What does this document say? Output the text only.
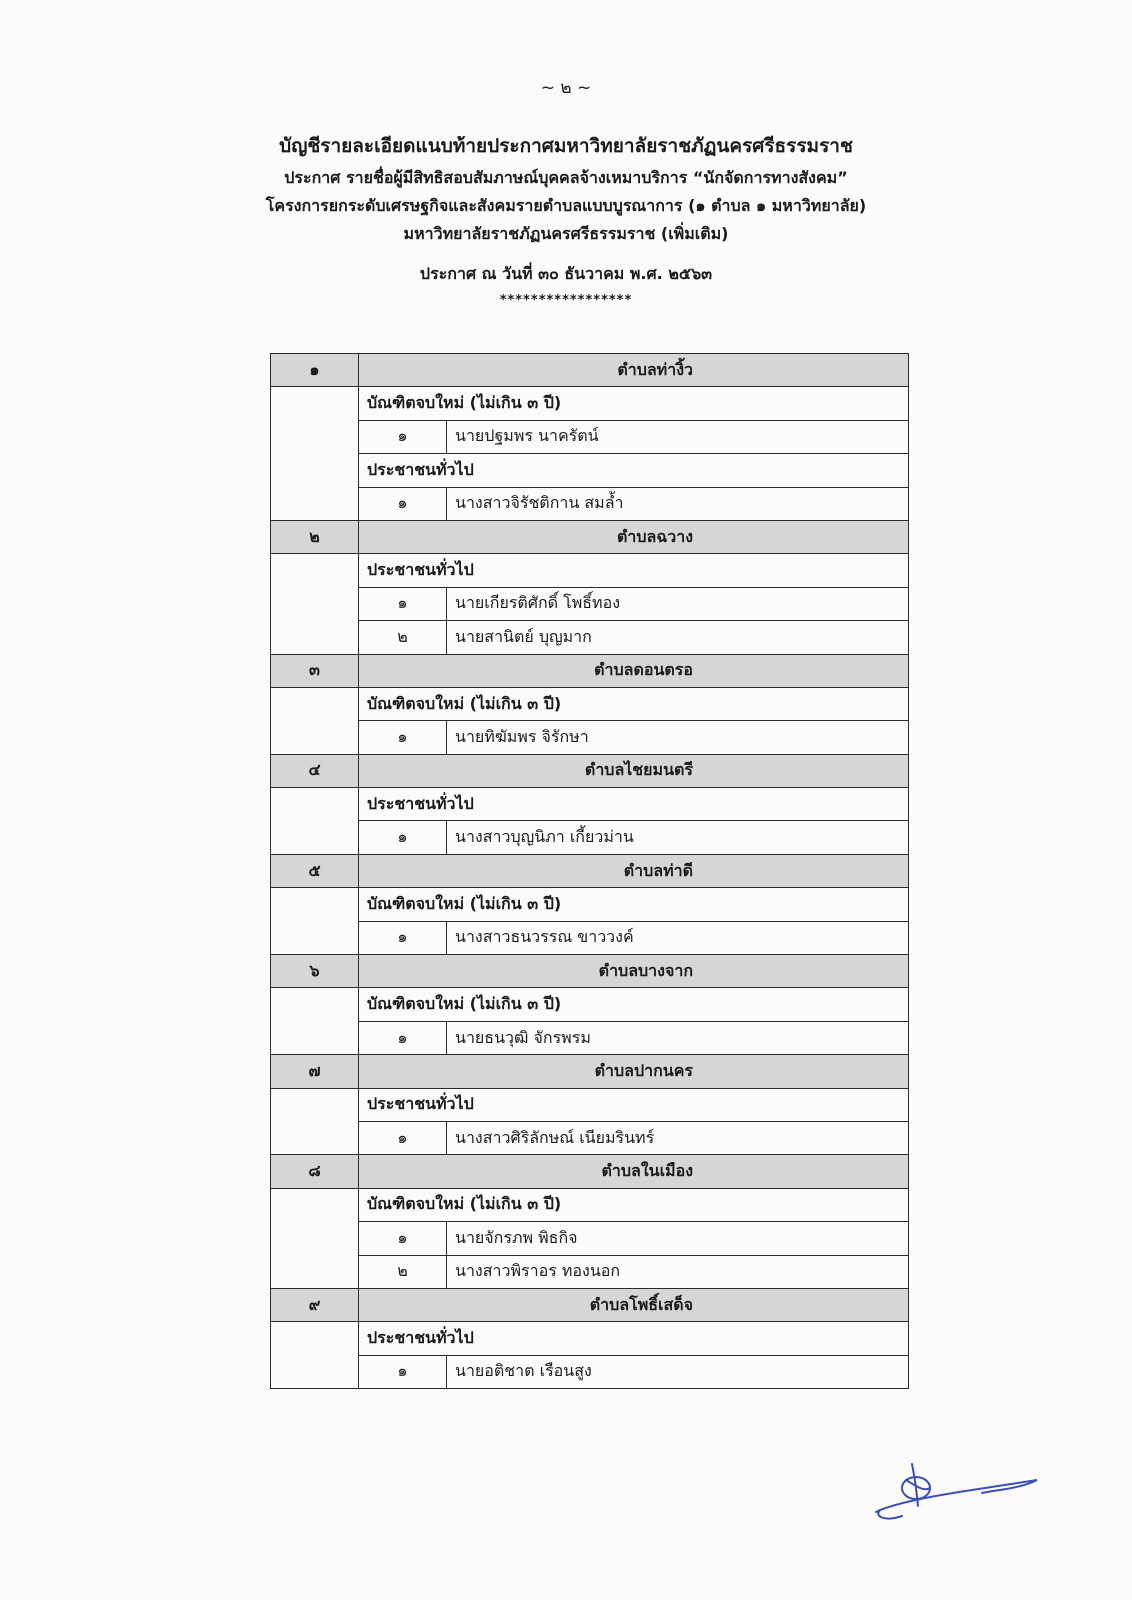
~ ๒ ~
บัญชีรายละเอียดแนบท้ายประกาศมหาวิทยาลัยราชภัฏนครศรีธรรมราช
ประกาศ รายชื่อผู้มีสิทธิสอบสัมภาษณ์บุคคลจ้างเหมาบริการ “นักจัดการทางสังคม”
โครงการยกระดับเศรษฐกิจและสังคมรายตำบลแบบบูรณาการ (๑ ตำบล ๑ มหาวิทยาลัย)
มหาวิทยาลัยราชภัฏนครศรีธรรมราช (เพิ่มเติม)
ประกาศ ณ วันที่ ๓๐ ธันวาคม พ.ศ. ๒๕๖๓
*****************
๑	ตำบลท่างิ้ว	
	บัณฑิตจบใหม่ (ไม่เกิน ๓ ปี)	
	๑	นายปฐมพร นาครัตน์
	ประชาชนทั่วไป	
	๑	นางสาวจิรัชติกาน สมล้ำ
๒	ตำบลฉวาง	
	ประชาชนทั่วไป	
	๑	นายเกียรติศักดิ์ โพธิ์ทอง
	๒	นายสานิตย์ บุญมาก
๓	ตำบลดอนตรอ	
	บัณฑิตจบใหม่ (ไม่เกิน ๓ ปี)	
	๑	นายทิฆัมพร จิรักษา
๔	ตำบลไชยมนตรี	
	ประชาชนทั่วไป	
	๑	นางสาวบุญนิภา เกี้ยวม่าน
๕	ตำบลท่าดี	
	บัณฑิตจบใหม่ (ไม่เกิน ๓ ปี)	
	๑	นางสาวธนวรรณ ขาววงค์
๖	ตำบลบางจาก	
	บัณฑิตจบใหม่ (ไม่เกิน ๓ ปี)	
	๑	นายธนวุฒิ จักรพรม
๗	ตำบลปากนคร	
	ประชาชนทั่วไป	
	๑	นางสาวศิริลักษณ์ เนียมรินทร์
๘	ตำบลในเมือง	
	บัณฑิตจบใหม่ (ไม่เกิน ๓ ปี)	
	๑	นายจักรภพ พิธกิจ
	๒	นางสาวพิราอร ทองนอก
๙	ตำบลโพธิ์เสด็จ	
	ประชาชนทั่วไป	
	๑	นายอติชาต เรือนสูง
